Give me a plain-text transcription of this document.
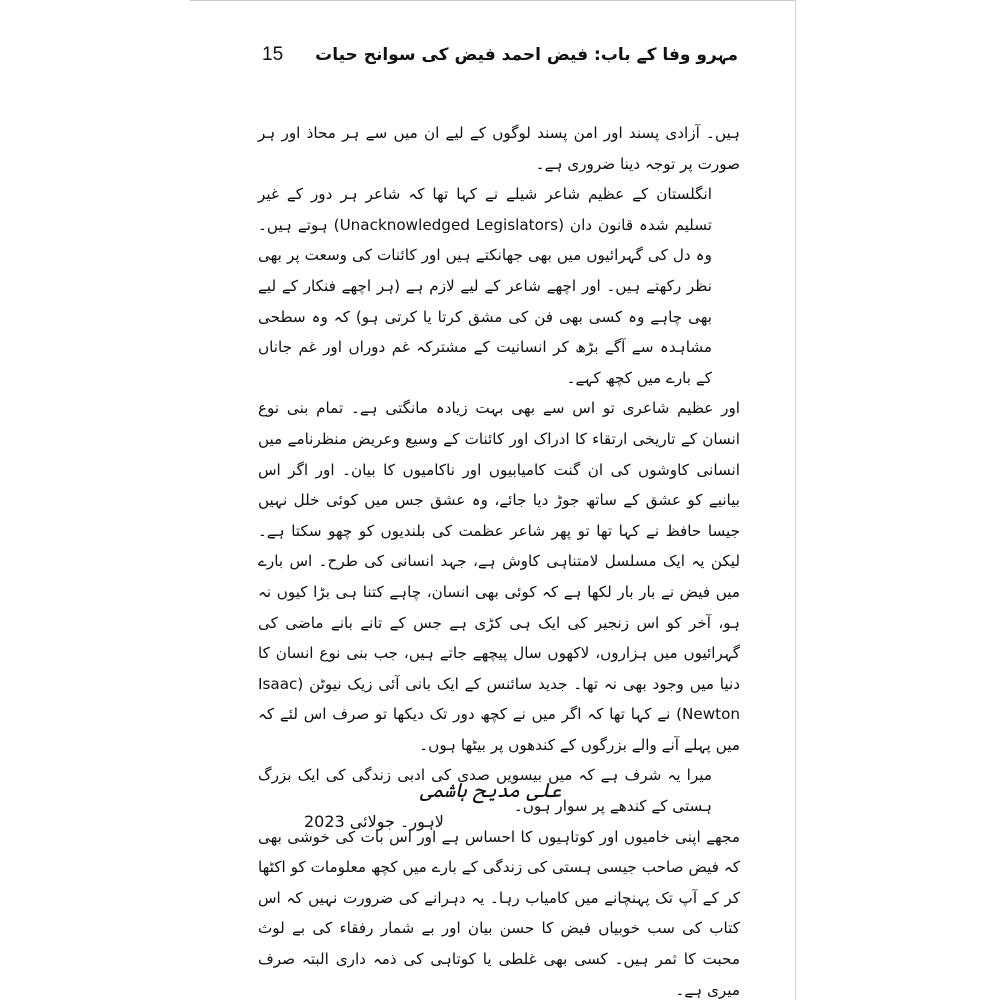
15 مہرو وفا کے باب: فیض احمد فیض کی سوانح حیات

ہیں۔ آزادی پسند اور امن پسند لوگوں کے لیے ان میں سے ہر محاذ اور ہر صورت پر توجہ دینا ضروری ہے۔

انگلستان کے عظیم شاعر شیلے نے کہا تھا کہ شاعر ہر دور کے غیر تسلیم شدہ قانون دان (Unacknowledged Legislators) ہوتے ہیں۔ وہ دل کی گہرائیوں میں بھی جھانکتے ہیں اور کائنات کی وسعت پر بھی نظر رکھتے ہیں۔ اور اچھے شاعر کے لیے لازم ہے (ہر اچھے فنکار کے لیے بھی چاہے وہ کسی بھی فن کی مشق کرتا یا کرتی ہو) کہ وہ سطحی مشاہدہ سے آگے بڑھ کر انسانیت کے مشترکہ غم دوراں اور غم جاناں کے بارے میں کچھ کہے۔

اور عظیم شاعری تو اس سے بھی بہت زیادہ مانگتی ہے۔ تمام بنی نوع انسان کے تاریخی ارتقاء کا ادراک اور کائنات کے وسیع وعریض منظرنامے میں انسانی کاوشوں کی ان گنت کامیابیوں اور ناکامیوں کا بیان۔ اور اگر اس بیانیے کو عشق کے ساتھ جوڑ دیا جائے، وہ عشق جس میں کوئی خلل نہیں جیسا حافظ نے کہا تھا تو پھر شاعر عظمت کی بلندیوں کو چھو سکتا ہے۔ لیکن یہ ایک مسلسل لامتناہی کاوش ہے، جہد انسانی کی طرح۔ اس بارے میں فیض نے بار بار لکھا ہے کہ کوئی بھی انسان، چاہے کتنا ہی بڑا کیوں نہ ہو، آخر کو اس زنجیر کی ایک ہی کڑی ہے جس کے تانے بانے ماضی کی گہرائیوں میں ہزاروں، لاکھوں سال پیچھے جاتے ہیں، جب بنی نوع انسان کا دنیا میں وجود بھی نہ تھا۔ جدید سائنس کے ایک بانی آئی زیک نیوٹن (Isaac Newton) نے کہا تھا کہ اگر میں نے کچھ دور تک دیکھا تو صرف اس لئے کہ میں پہلے آنے والے بزرگوں کے کندھوں پر بیٹھا ہوں۔

میرا یہ شرف ہے کہ میں بیسویں صدی کی ادبی زندگی کی ایک بزرگ ہستی کے کندھے پر سوار ہوں۔

مجھے اپنی خامیوں اور کوتاہیوں کا احساس ہے اور اس بات کی خوشی بھی کہ فیض صاحب جیسی ہستی کی زندگی کے بارے میں کچھ معلومات کو اکٹھا کر کے آپ تک پہنچانے میں کامیاب رہا۔ یہ دہرانے کی ضرورت نہیں کہ اس کتاب کی سب خوبیاں فیض کا حسن بیان اور بے شمار رفقاء کی بے لوث محبت کا ثمر ہیں۔ کسی بھی غلطی یا کوتاہی کی ذمہ داری البتہ صرف میری ہے۔

علی مدیح ہاشمی
لاہور۔ جولائی 2023
